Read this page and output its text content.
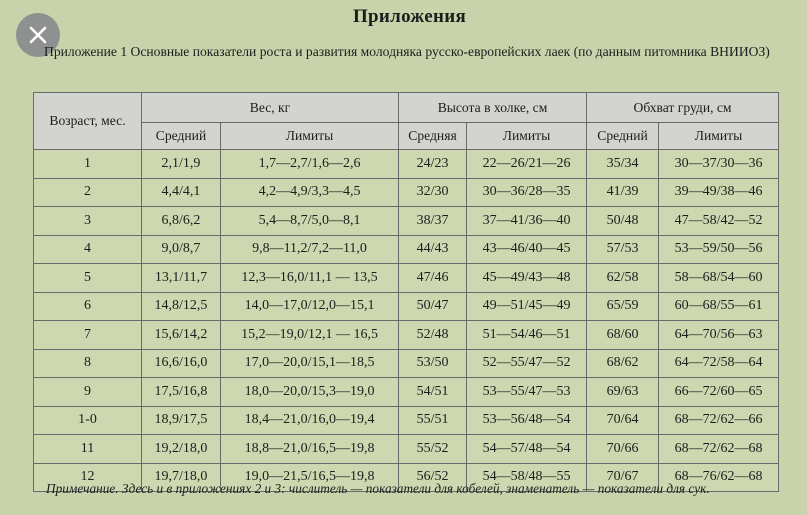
Приложения
Приложение 1 Основные показатели роста и развития молодняка русско-европейских лаек (по данным питомника ВНИИОЗ)
Возраст, мес.	Вес, кг		Высота в холке, см		Обхват груди, см	
	Средний	Лимиты	Средняя	Лимиты	Средний	Лимиты
1	2,1/1,9	1,7—2,7/1,6—2,6	24/23	22—26/21—26	35/34	30—37/30—36
2	4,4/4,1	4,2—4,9/3,3—4,5	32/30	30—36/28—35	41/39	39—49/38—46
3	6,8/6,2	5,4—8,7/5,0—8,1	38/37	37—41/36—40	50/48	47—58/42—52
4	9,0/8,7	9,8—11,2/7,2—11,0	44/43	43—46/40—45	57/53	53—59/50—56
5	13,1/11,7	12,3—16,0/11,1 — 13,5	47/46	45—49/43—48	62/58	58—68/54—60
6	14,8/12,5	14,0—17,0/12,0—15,1	50/47	49—51/45—49	65/59	60—68/55—61
7	15,6/14,2	15,2—19,0/12,1 — 16,5	52/48	51—54/46—51	68/60	64—70/56—63
8	16,6/16,0	17,0—20,0/15,1—18,5	53/50	52—55/47—52	68/62	64—72/58—64
9	17,5/16,8	18,0—20,0/15,3—19,0	54/51	53—55/47—53	69/63	66—72/60—65
1-0	18,9/17,5	18,4—21,0/16,0—19,4	55/51	53—56/48—54	70/64	68—72/62—66
11	19,2/18,0	18,8—21,0/16,5—19,8	55/52	54—57/48—54	70/66	68—72/62—68
12	19,7/18,0	19,0—21,5/16,5—19,8	56/52	54—58/48—55	70/67	68—76/62—68
Примечание. Здесь и в приложениях 2 и 3: числитель — показатели для кобелей, знаменатель — показатели для сук.
